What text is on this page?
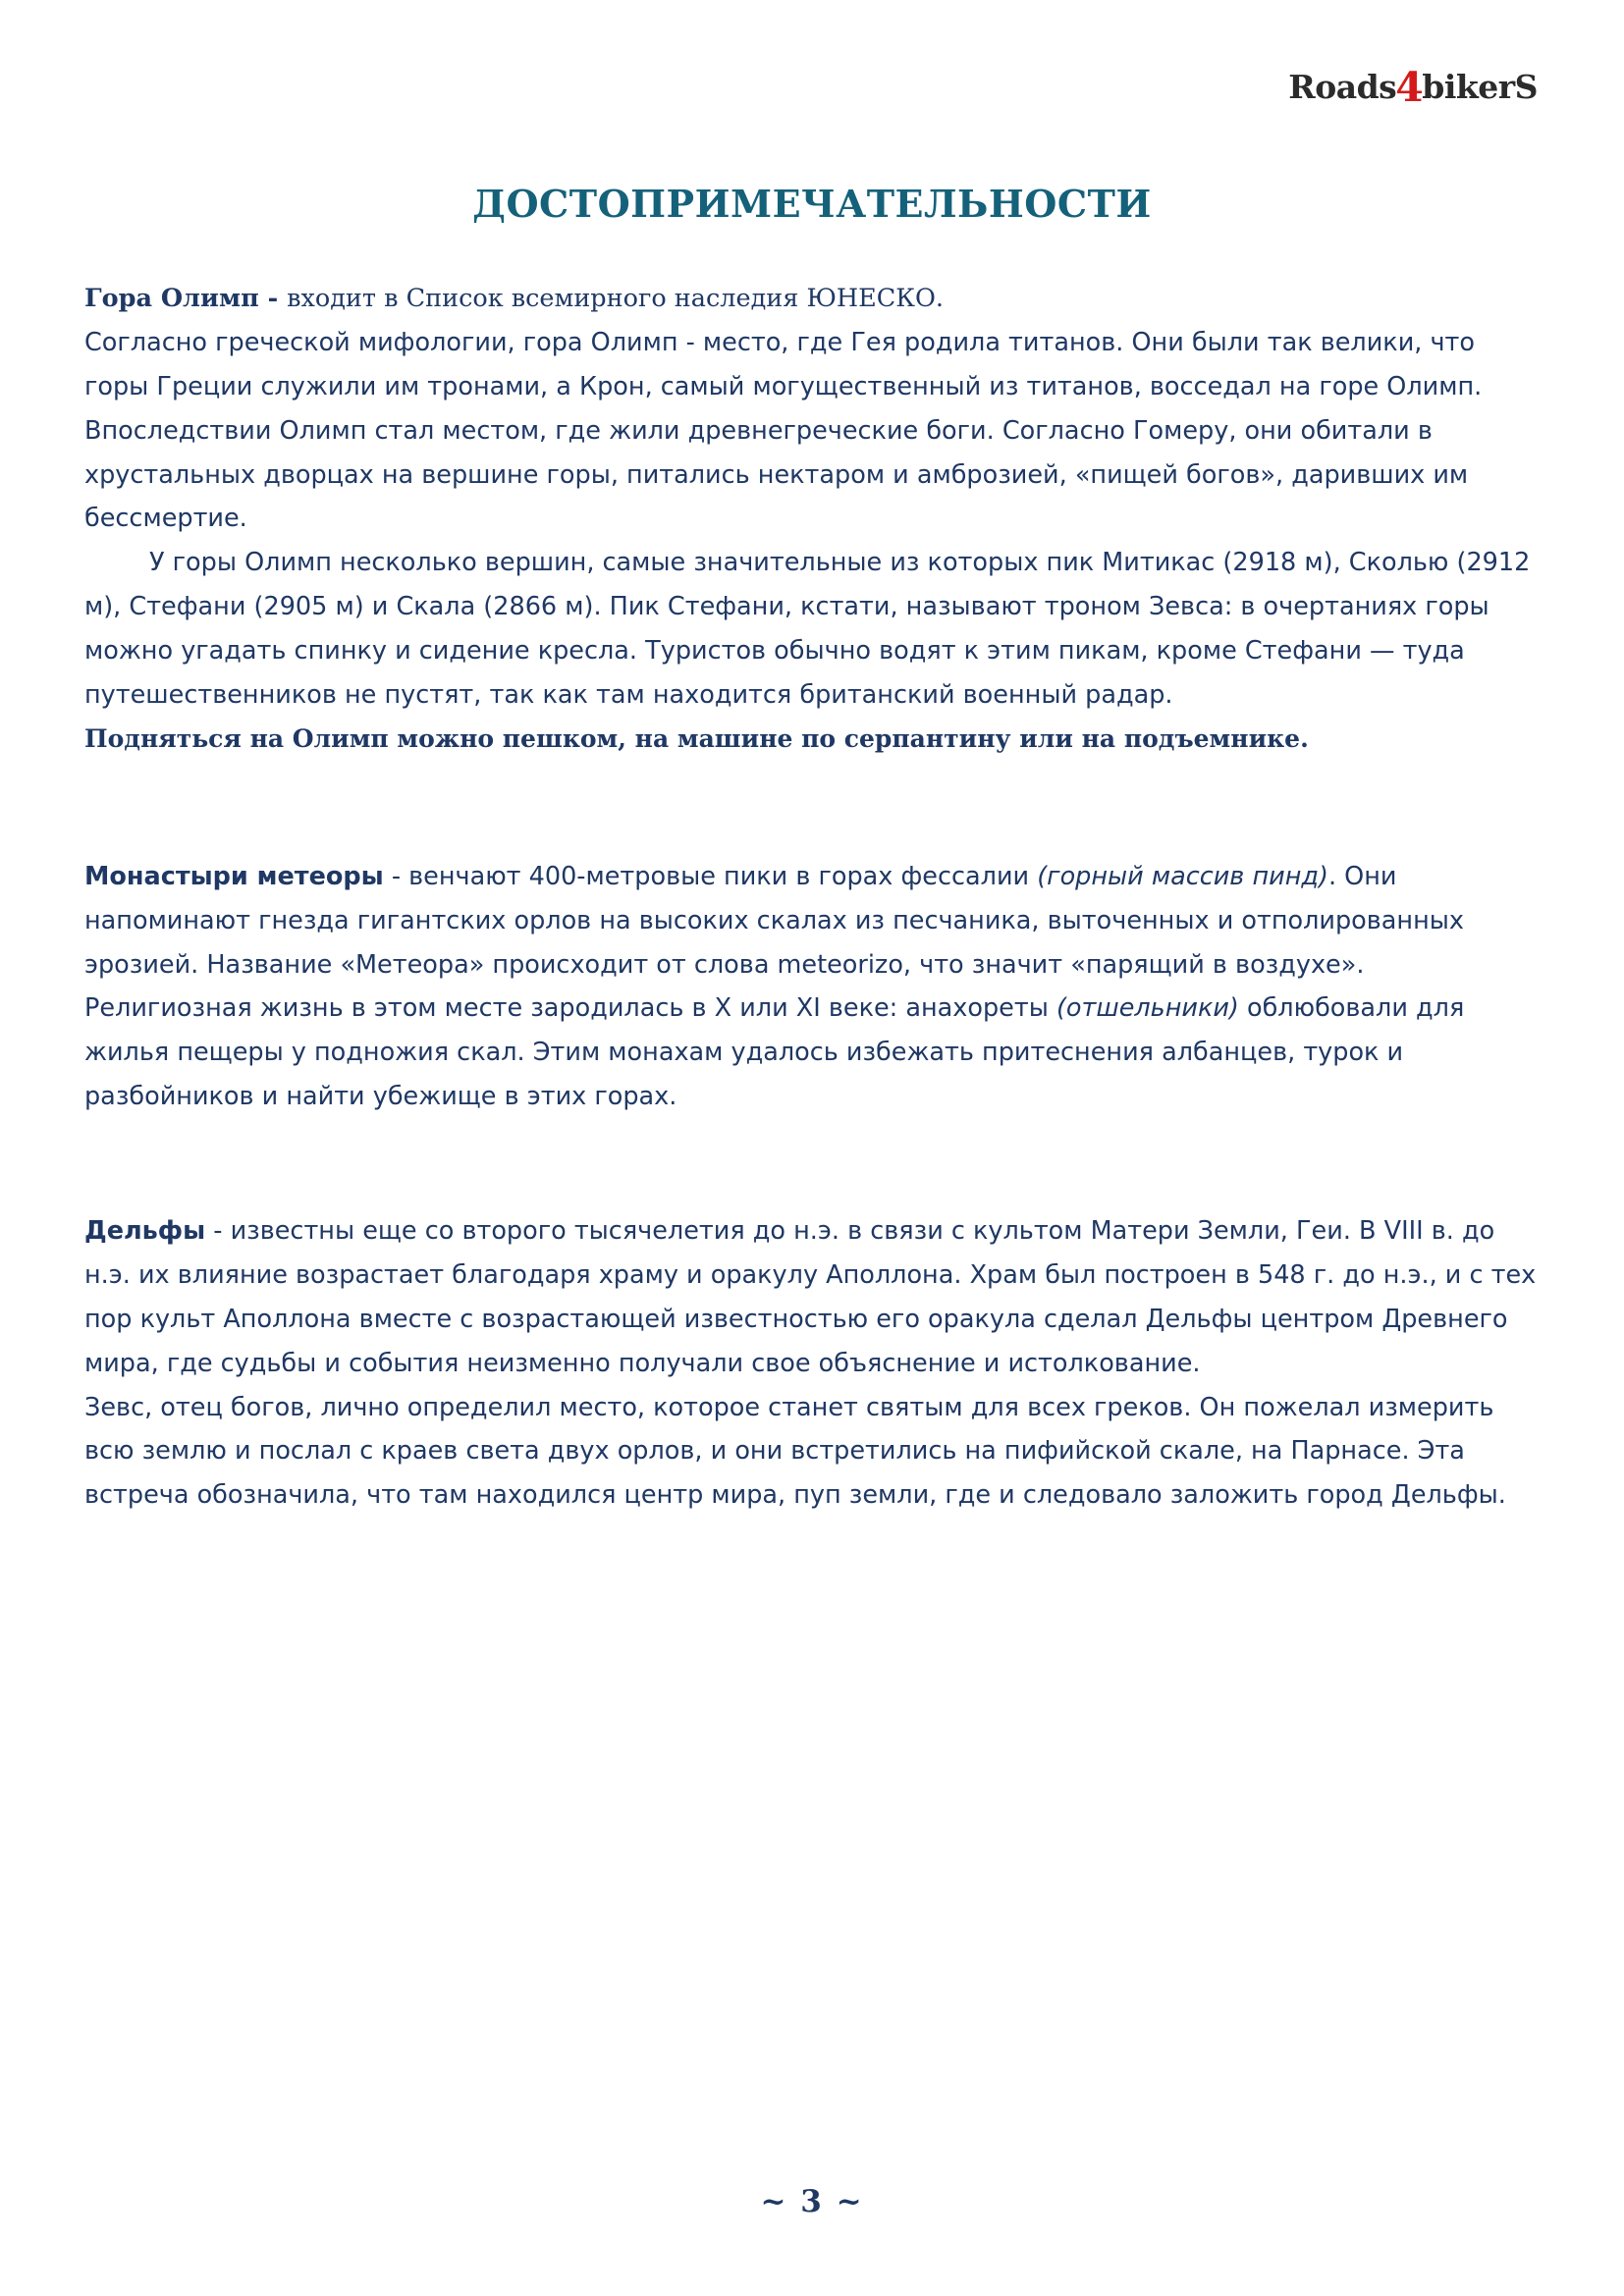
Roads4bikerS
ДОСТОПРИМЕЧАТЕЛЬНОСТИ

Гора Олимп - входит в Список всемирного наследия ЮНЕСКО.

Согласно греческой мифологии, гора Олимп - место, где Гея родила титанов. Они были так велики, что горы Греции служили им тронами, а Крон, самый могущественный из титанов, восседал на горе Олимп. Впоследствии Олимп стал местом, где жили древнегреческие боги. Согласно Гомеру, они обитали в хрустальных дворцах на вершине горы, питались нектаром и амброзией, «пищей богов», даривших им бессмертие.

У горы Олимп несколько вершин, самые значительные из которых пик Митикас (2918 м), Сколью (2912 м), Стефани (2905 м) и Скала (2866 м). Пик Стефани, кстати, называют троном Зевса: в очертаниях горы можно угадать спинку и сидение кресла. Туристов обычно водят к этим пикам, кроме Стефани — туда путешественников не пустят, так как там находится британский военный радар.

Подняться на Олимп можно пешком, на машине по серпантину или на подъемнике.

Монастыри метеоры - венчают 400-метровые пики в горах фессалии (горный массив пинд). Они напоминают гнезда гигантских орлов на высоких скалах из песчаника, выточенных и отполированных эрозией. Название «Метеора» происходит от слова meteorizo, что значит «парящий в воздухе». Религиозная жизнь в этом месте зародилась в X или XI веке: анахореты (отшельники) облюбовали для жилья пещеры у подножия скал. Этим монахам удалось избежать притеснения албанцев, турок и разбойников и найти убежище в этих горах.

Дельфы - известны еще со второго тысячелетия до н.э. в связи с культом Матери Земли, Геи. В VIII в. до н.э. их влияние возрастает благодаря храму и оракулу Аполлона. Храм был построен в 548 г. до н.э., и с тех пор культ Аполлона вместе с возрастающей известностью его оракула сделал Дельфы центром Древнего мира, где судьбы и события неизменно получали свое объяснение и истолкование.

Зевс, отец богов, лично определил место, которое станет святым для всех греков. Он пожелал измерить всю землю и послал с краев света двух орлов, и они встретились на пифийской скале, на Парнасе. Эта встреча обозначила, что там находился центр мира, пуп земли, где и следовало заложить город Дельфы.

~ 3 ~
